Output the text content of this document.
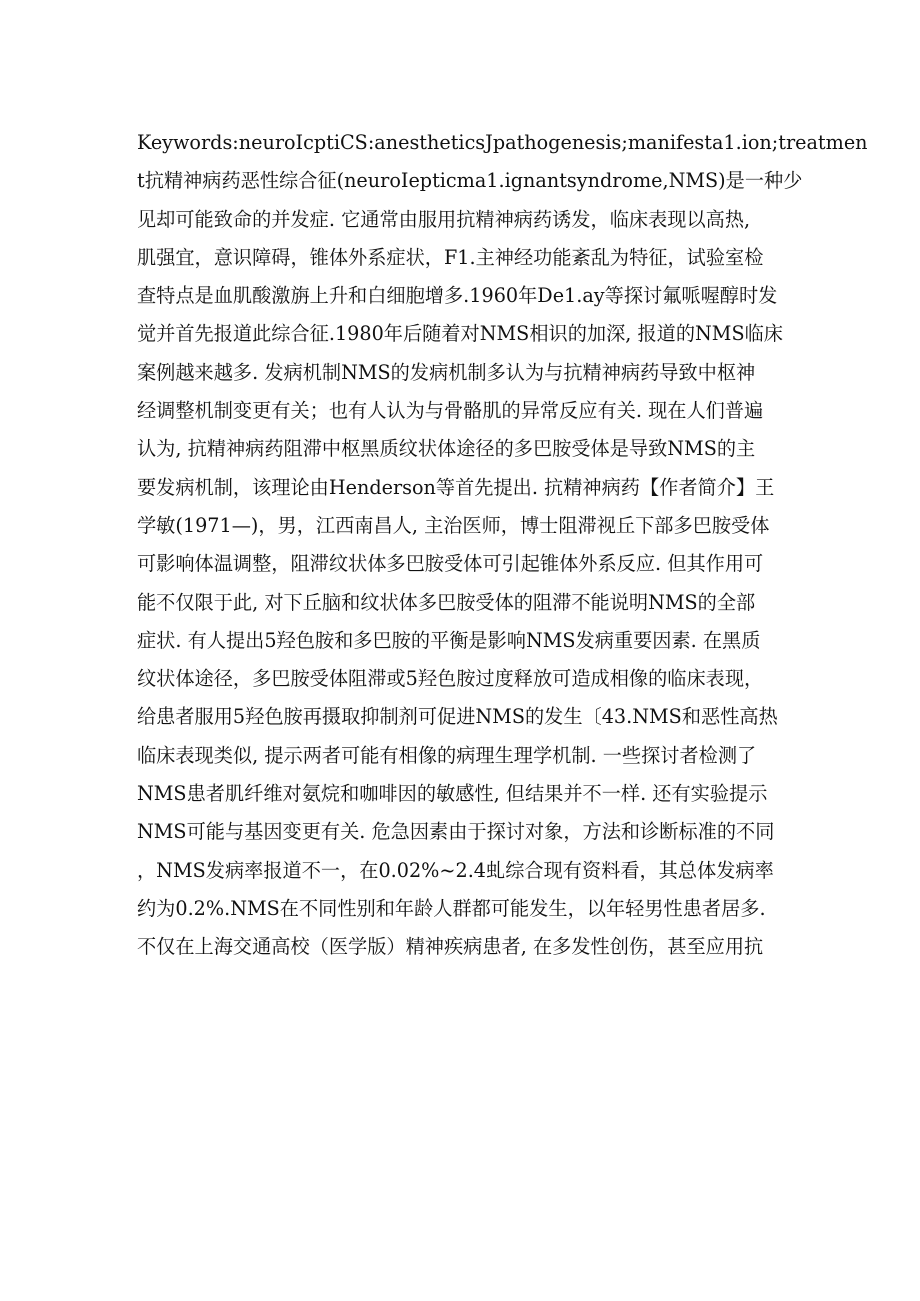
Keywords:neuroIcptiCS:anestheticsJpathogenesis;manifesta1.ion;treatmen
t抗精神病药恶性综合征(neuroIepticma1.ignantsyndrome,NMS)是一种少
见却可能致命的并发症. 它通常由服用抗精神病药诱发，临床表现以高热,
肌强宜，意识障碍，锥体外系症状，F1.主神经功能紊乱为特征，试验室检
查特点是血肌酸激旃上升和白细胞增多.1960年De1.ay等探讨氟哌喔醇时发
觉并首先报道此综合征.1980年后随着对NMS相识的加深, 报道的NMS临床
案例越来越多. 发病机制NMS的发病机制多认为与抗精神病药导致中枢神
经调整机制变更有关；也有人认为与骨骼肌的异常反应有关. 现在人们普遍
认为, 抗精神病药阻滞中枢黑质纹状体途径的多巴胺受体是导致NMS的主
要发病机制，该理论由Henderson等首先提出. 抗精神病药【作者简介】王
学敏(1971—)，男，江西南昌人, 主治医师，博士阻滞视丘下部多巴胺受体
可影响体温调整，阻滞纹状体多巴胺受体可引起锥体外系反应. 但其作用可
能不仅限于此, 对下丘脑和纹状体多巴胺受体的阻滞不能说明NMS的全部
症状. 有人提出5羟色胺和多巴胺的平衡是影响NMS发病重要因素. 在黑质
纹状体途径，多巴胺受体阻滞或5羟色胺过度释放可造成相像的临床表现，
给患者服用5羟色胺再摄取抑制剂可促进NMS的发生〔43.NMS和恶性高热
临床表现类似, 提示两者可能有相像的病理生理学机制. 一些探讨者检测了
NMS患者肌纤维对氨烷和咖啡因的敏感性, 但结果并不一样. 还有实验提示
NMS可能与基因变更有关. 危急因素由于探讨对象，方法和诊断标准的不同
，NMS发病率报道不一，在0.02%~2.4虬综合现有资料看，其总体发病率
约为0.2%.NMS在不同性别和年龄人群都可能发生，以年轻男性患者居多.
不仅在上海交通高校（医学版）精神疾病患者, 在多发性创伤，甚至应用抗
